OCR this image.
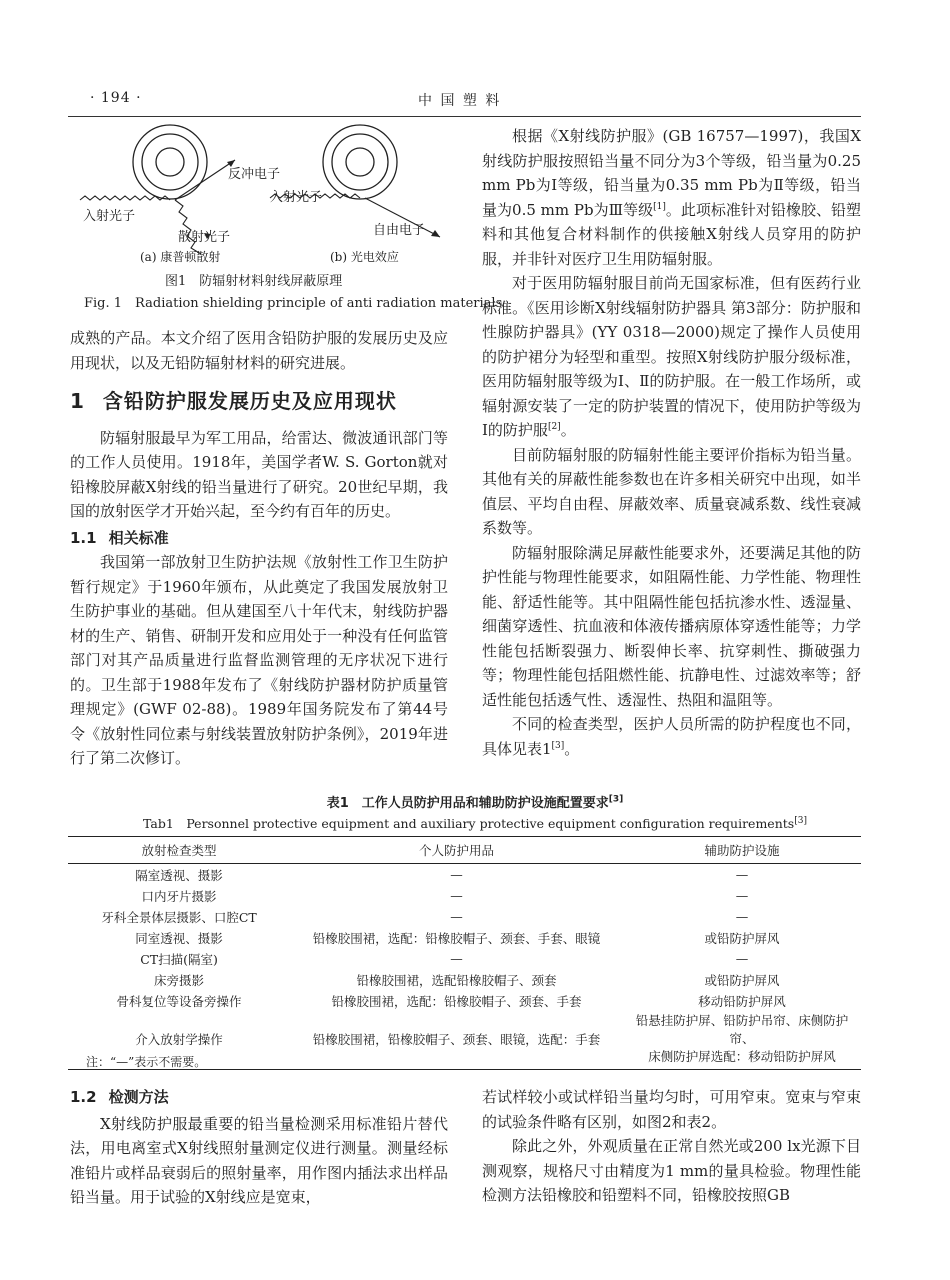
· 194 ·	中 国 塑 料
反冲电子
入射光子
散射光子
入射光子
自由电子
(a) 康普顿散射	(b) 光电效应
图1　防辐射材料射线屏蔽原理
Fig. 1　Radiation shielding principle of anti radiation materials

成熟的产品。本文介绍了医用含铅防护服的发展历史及应用现状，以及无铅防辐射材料的研究进展。

1 含铅防护服发展历史及应用现状

防辐射服最早为军工用品，给雷达、微波通讯部门等的工作人员使用。1918年，美国学者W. S. Gorton就对铅橡胶屏蔽X射线的铅当量进行了研究。20世纪早期，我国的放射医学才开始兴起，至今约有百年的历史。

1.1 相关标准

我国第一部放射卫生防护法规《放射性工作卫生防护暂行规定》于1960年颁布，从此奠定了我国发展放射卫生防护事业的基础。但从建国至八十年代末，射线防护器材的生产、销售、研制开发和应用处于一种没有任何监管部门对其产品质量进行监督监测管理的无序状况下进行的。卫生部于1988年发布了《射线防护器材防护质量管理规定》(GWF 02-88)。1989年国务院发布了第44号令《放射性同位素与射线装置放射防护条例》，2019年进行了第二次修订。

根据《X射线防护服》(GB 16757—1997)，我国X射线防护服按照铅当量不同分为3个等级，铅当量为0.25 mm Pb为Ⅰ等级，铅当量为0.35 mm Pb为Ⅱ等级，铅当量为0.5 mm Pb为Ⅲ等级[1]。此项标准针对铅橡胶、铅塑料和其他复合材料制作的供接触X射线人员穿用的防护服，并非针对医疗卫生用防辐射服。

对于医用防辐射服目前尚无国家标准，但有医药行业标准。《医用诊断X射线辐射防护器具 第3部分：防护服和性腺防护器具》(YY 0318—2000)规定了操作人员使用的防护裙分为轻型和重型。按照X射线防护服分级标准，医用防辐射服等级为Ⅰ、Ⅱ的防护服。在一般工作场所，或辐射源安装了一定的防护装置的情况下，使用防护等级为Ⅰ的防护服[2]。

目前防辐射服的防辐射性能主要评价指标为铅当量。其他有关的屏蔽性能参数也在许多相关研究中出现，如半值层、平均自由程、屏蔽效率、质量衰减系数、线性衰减系数等。

防辐射服除满足屏蔽性能要求外，还要满足其他的防护性能与物理性能要求，如阻隔性能、力学性能、物理性能、舒适性能等。其中阻隔性能包括抗渗水性、透湿量、细菌穿透性、抗血液和体液传播病原体穿透性能等；力学性能包括断裂强力、断裂伸长率、抗穿刺性、撕破强力等；物理性能包括阻燃性能、抗静电性、过滤效率等；舒适性能包括透气性、透湿性、热阻和温阻等。

不同的检查类型，医护人员所需的防护程度也不同，具体见表1[3]。

表1　工作人员防护用品和辅助防护设施配置要求[3]
Tab1　Personnel protective equipment and auxiliary protective equipment configuration requirements[3]
放射检查类型	个人防护用品	辅助防护设施
隔室透视、摄影	—	—
口内牙片摄影	—	—
牙科全景体层摄影、口腔CT	—	—
同室透视、摄影	铅橡胶围裙，选配：铅橡胶帽子、颈套、手套、眼镜	或铅防护屏风
CT扫描(隔室)	—	—
床旁摄影	铅橡胶围裙，选配铅橡胶帽子、颈套	或铅防护屏风
骨科复位等设备旁操作	铅橡胶围裙，选配：铅橡胶帽子、颈套、手套	移动铅防护屏风
介入放射学操作	铅橡胶围裙，铅橡胶帽子、颈套、眼镜，选配：手套	铅悬挂防护屏、铅防护吊帘、床侧防护帘、
床侧防护屏选配：移动铅防护屏风
注：“—”表示不需要。
1.2 检测方法

X射线防护服最重要的铅当量检测采用标准铅片替代法，用电离室式X射线照射量测定仪进行测量。测量经标准铅片或样品衰弱后的照射量率，用作图内插法求出样品铅当量。用于试验的X射线应是宽束，

若试样较小或试样铅当量均匀时，可用窄束。宽束与窄束的试验条件略有区别，如图2和表2。

除此之外，外观质量在正常自然光或200 lx光源下目测观察，规格尺寸由精度为1 mm的量具检验。物理性能检测方法铅橡胶和铅塑料不同，铅橡胶按照GB
